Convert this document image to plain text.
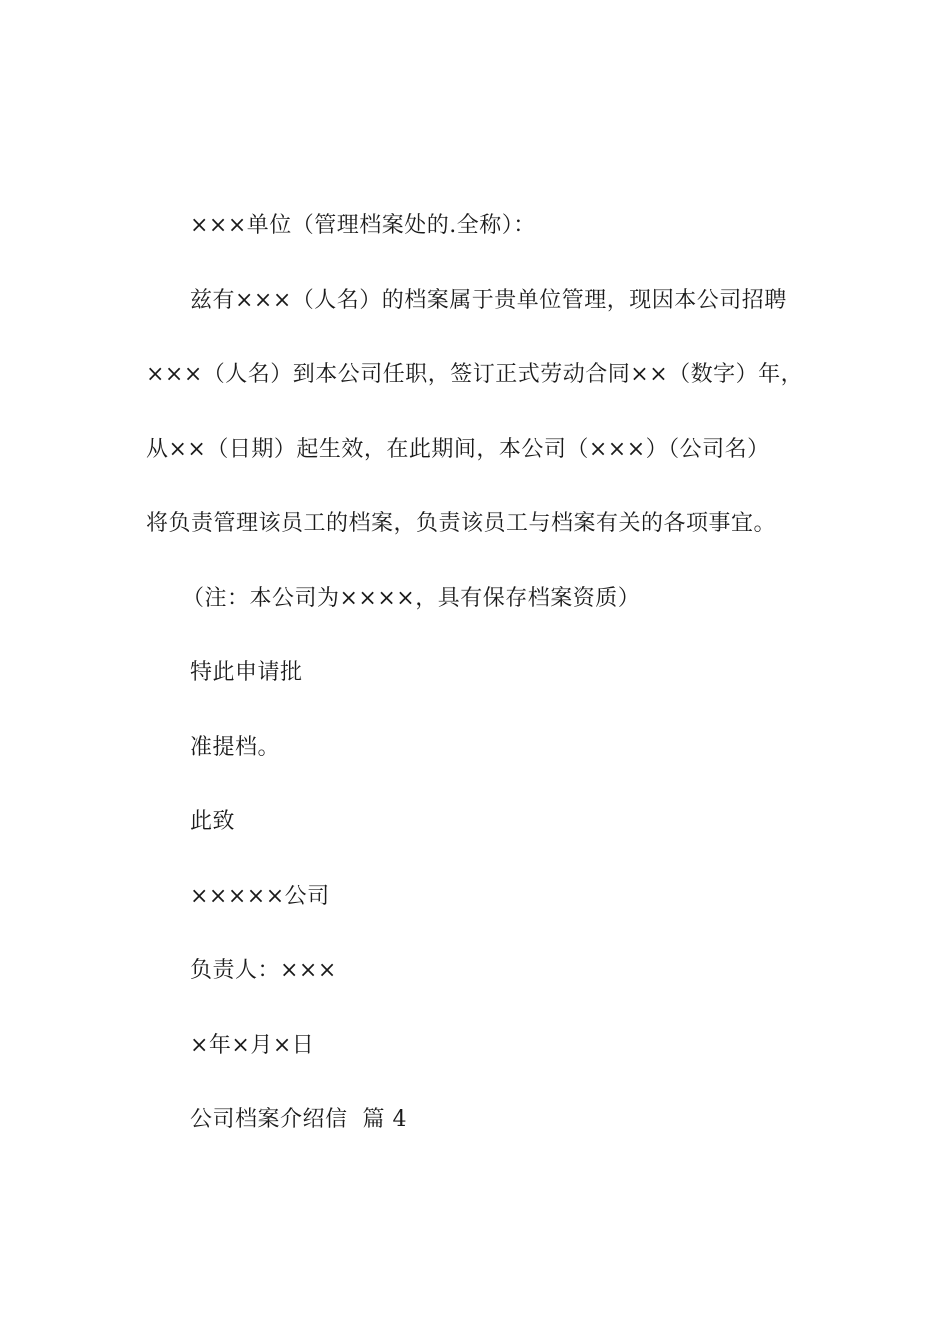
×××单位（管理档案处的.全称）：
兹有×××（人名）的档案属于贵单位管理，现因本公司招聘
×××（人名）到本公司任职，签订正式劳动合同××（数字）年，
从××（日期）起生效，在此期间，本公司（×××）（公司名）
将负责管理该员工的档案，负责该员工与档案有关的各项事宜。
（注：本公司为××××，具有保存档案资质）
特此申请批
准提档。
此致
×××××公司
负责人：×××
×年×月×日
公司档案介绍信  篇 4
